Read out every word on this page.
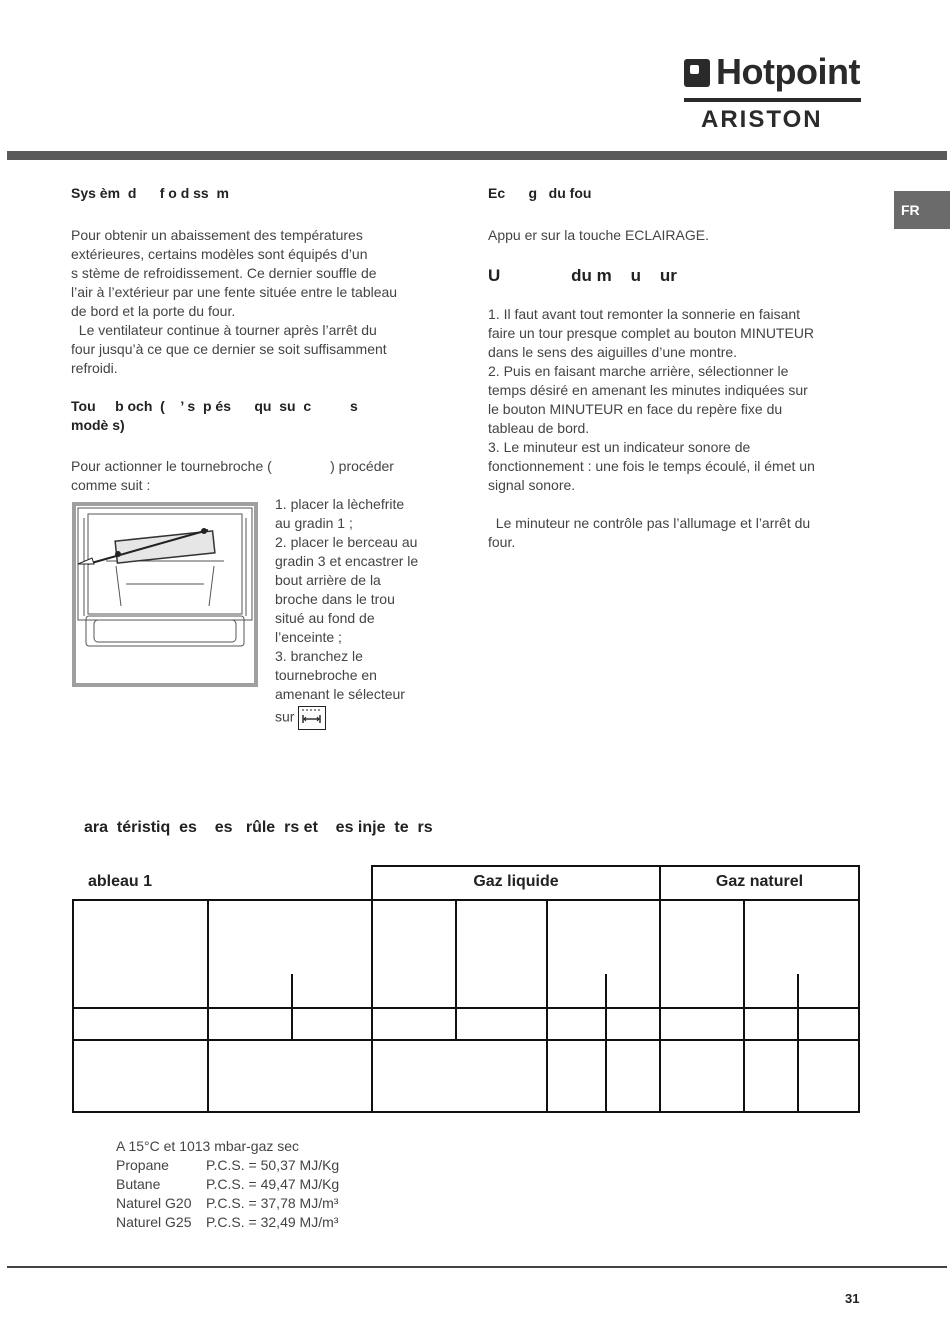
Hotpoint
ARISTON
FR
Sys èm  d      f o d ss  m

Pour obtenir un abaissement des températures

extérieures, certains modèles sont équipés d’un

s stème de refroidissement. Ce dernier souffle de

l’air à l’extérieur par une fente située entre le tableau

de bord et la porte du four.

Le ventilateur continue à tourner après l’arrêt du

four jusqu’à ce que ce dernier se soit suffisamment

refroidi.

Tou     b och  (    ’ s  p és      qu  su  c          s
modè s)
Pour actionner le tournebroche (               ) procéder
comme suit :

1. placer la lèchefrite

au gradin 1 ;

2. placer le berceau au

gradin 3 et encastrer le

bout arrière de la

broche dans le trou

situé au fond de

l’enceinte ;

3. branchez le

tournebroche en

amenant le sélecteur

sur

Ec      g   du fou
Appu er sur la touche ECLAIRAGE.
U               du m    u    ur

1. Il faut avant tout remonter la sonnerie en faisant

faire un tour presque complet au bouton MINUTEUR

dans le sens des aiguilles d’une montre.

2. Puis en faisant marche arrière, sélectionner le

temps désiré en amenant les minutes indiquées sur

le bouton MINUTEUR en face du repère fixe du

tableau de bord.

3. Le minuteur est un indicateur sonore de

fonctionnement : une fois le temps écoulé, il émet un

signal sonore.

Le minuteur ne contrôle pas l’allumage et l’arrêt du

four.

ara  téristiq  es    es   rûle  rs et    es inje  te  rs
ableau 1	Gaz liquide	Gaz naturel
A 15°C et 1013 mbar-gaz sec
Propane	P.C.S. = 50,37 MJ/Kg
Butane	P.C.S. = 49,47 MJ/Kg
Naturel G20 P.C.S. = 37,78 MJ/m³
Naturel G25 P.C.S. = 32,49 MJ/m³
31
